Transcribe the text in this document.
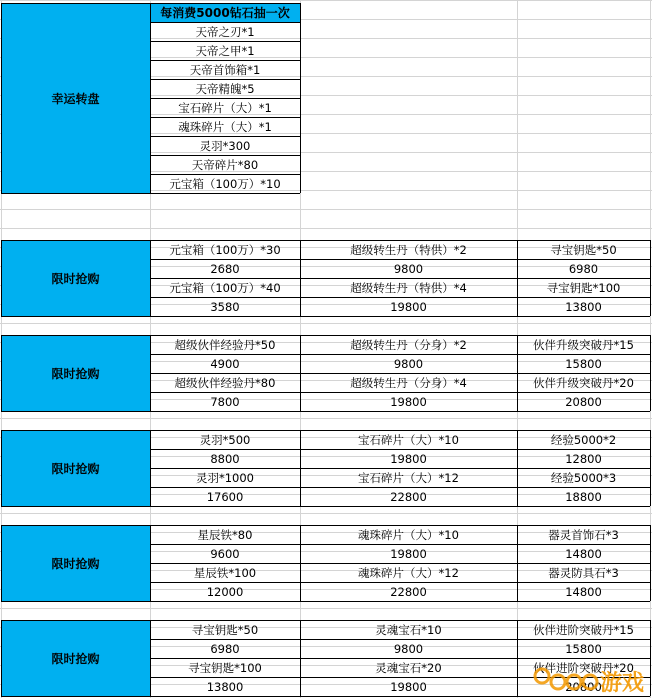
每消费5000钻石抽一次
幸运转盘
天帝之刃*1
天帝之甲*1
天帝首饰箱*1
天帝精魄*5
宝石碎片（大）*1
魂珠碎片（大）*1
灵羽*300
天帝碎片*80
元宝箱（100万）*10
限时抢购
元宝箱（100万）*30	超级转生丹（特供）*2	寻宝钥匙*50
2680	9800	6980
元宝箱（100万）*40	超级转生丹（特供）*4	寻宝钥匙*100
3580	19800	13800
限时抢购
超级伙伴经验丹*50	超级转生丹（分身）*2	伙伴升级突破丹*15
4900	9800	15800
超级伙伴经验丹*80	超级转生丹（分身）*4	伙伴升级突破丹*20
7800	19800	20800
限时抢购
灵羽*500	宝石碎片（大）*10	经验5000*2
8800	19800	12800
灵羽*1000	宝石碎片（大）*12	经验5000*3
17600	22800	18800
限时抢购
星辰铁*80	魂珠碎片（大）*10	器灵首饰石*3
9600	19800	14800
星辰铁*100	魂珠碎片（大）*12	器灵防具石*3
12000	22800	14800
限时抢购
寻宝钥匙*50	灵魂宝石*10	伙伴进阶突破丹*15
6980	9800	15800
寻宝钥匙*100	灵魂宝石*20	伙伴进阶突破丹*20
13800	19800	20800
游戏
